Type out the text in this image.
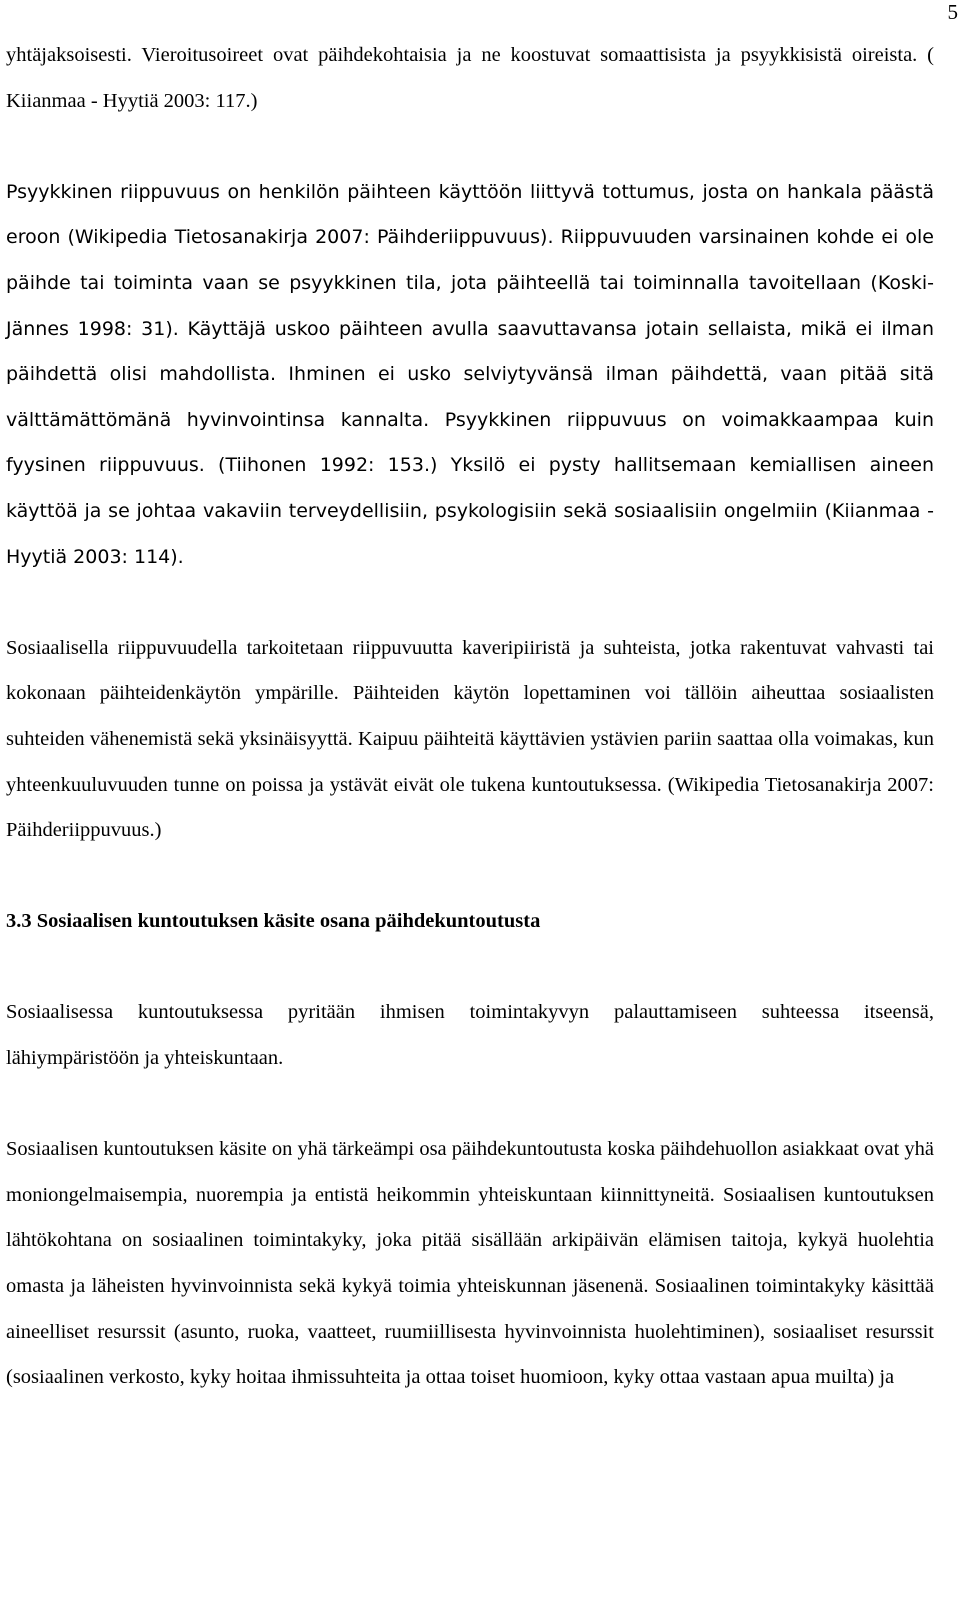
5

yhtäjaksoisesti. Vieroitusoireet ovat päihdekohtaisia ja ne koostuvat somaattisista ja psyykkisistä oireista. ( Kiianmaa - Hyytiä 2003: 117.)

Psyykkinen riippuvuus on henkilön päihteen käyttöön liittyvä tottumus, josta on hankala päästä eroon (Wikipedia Tietosanakirja 2007: Päihderiippuvuus). Riippuvuuden varsinainen kohde ei ole päihde tai toiminta vaan se psyykkinen tila, jota päihteellä tai toiminnalla tavoitellaan (Koski-Jännes 1998: 31). Käyttäjä uskoo päihteen avulla saavuttavansa jotain sellaista, mikä ei ilman päihdettä olisi mahdollista. Ihminen ei usko selviytyvänsä ilman päihdettä, vaan pitää sitä välttämättömänä hyvinvointinsa kannalta. Psyykkinen riippuvuus on voimakkaampaa kuin fyysinen riippuvuus. (Tiihonen 1992: 153.) Yksilö ei pysty hallitsemaan kemiallisen aineen käyttöä ja se johtaa vakaviin terveydellisiin, psykologisiin sekä sosiaalisiin ongelmiin (Kiianmaa - Hyytiä 2003: 114).

Sosiaalisella riippuvuudella tarkoitetaan riippuvuutta kaveripiiristä ja suhteista, jotka rakentuvat vahvasti tai kokonaan päihteidenkäytön ympärille. Päihteiden käytön lopettaminen voi tällöin aiheuttaa sosiaalisten suhteiden vähenemistä sekä yksinäisyyttä. Kaipuu päihteitä käyttävien ystävien pariin saattaa olla voimakas, kun yhteenkuuluvuuden tunne on poissa ja ystävät eivät ole tukena kuntoutuksessa. (Wikipedia Tietosanakirja 2007: Päihderiippuvuus.)

3.3 Sosiaalisen kuntoutuksen käsite osana päihdekuntoutusta

Sosiaalisessa kuntoutuksessa pyritään ihmisen toimintakyvyn palauttamiseen suhteessa itseensä, lähiympäristöön ja yhteiskuntaan.

Sosiaalisen kuntoutuksen käsite on yhä tärkeämpi osa päihdekuntoutusta koska päihdehuollon asiakkaat ovat yhä moniongelmaisempia, nuorempia ja entistä heikommin yhteiskuntaan kiinnittyneitä. Sosiaalisen kuntoutuksen lähtökohtana on sosiaalinen toimintakyky, joka pitää sisällään arkipäivän elämisen taitoja, kykyä huolehtia omasta ja läheisten hyvinvoinnista sekä kykyä toimia yhteiskunnan jäsenenä. Sosiaalinen toimintakyky käsittää aineelliset resurssit (asunto, ruoka, vaatteet, ruumiillisesta hyvinvoinnista huolehtiminen), sosiaaliset resurssit (sosiaalinen verkosto, kyky hoitaa ihmissuhteita ja ottaa toiset huomioon, kyky ottaa vastaan apua muilta) ja
